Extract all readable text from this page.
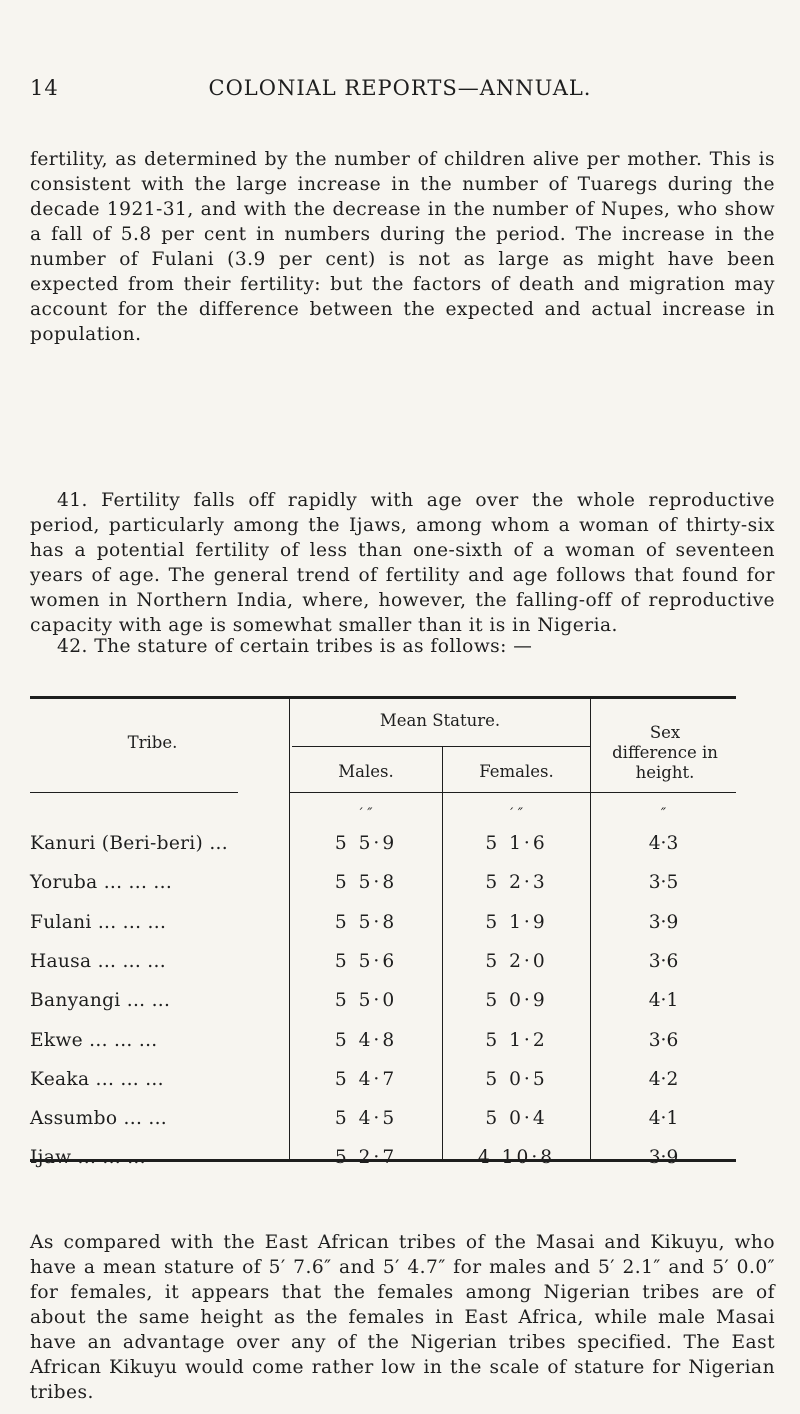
14	COLONIAL REPORTS—ANNUAL.

fertility, as determined by the number of children alive per mother. This is consistent with the large increase in the number of Tuaregs during the decade 1921-31, and with the decrease in the number of Nupes, who show a fall of 5.8 per cent in numbers during the period. The increase in the number of Fulani (3.9 per cent) is not as large as might have been expected from their fertility: but the factors of death and migration may account for the difference between the expected and actual increase in population.

41. Fertility falls off rapidly with age over the whole reproductive period, particularly among the Ijaws, among whom a woman of thirty-six has a potential fertility of less than one-sixth of a woman of seventeen years of age. The general trend of fertility and age follows that found for women in Northern India, where, however, the falling-off of reproductive capacity with age is somewhat smaller than it is in Nigeria.

42. The stature of certain tribes is as follows: —

Tribe.
Mean Stature.
Males.	Females.
Sex difference in height.
′ ″	′ ″	″
Kanuri (Beri-beri) ...	5 5·9	5 1·6	4·3
Yoruba ... ... ...	5 5·8	5 2·3	3·5
Fulani ... ... ...	5 5·8	5 1·9	3·9
Hausa ... ... ...	5 5·6	5 2·0	3·6
Banyangi ... ...	5 5·0	5 0·9	4·1
Ekwe ... ... ...	5 4·8	5 1·2	3·6
Keaka ... ... ...	5 4·7	5 0·5	4·2
Assumbo ... ...	5 4·5	5 0·4	4·1
Ijaw ... ... ...	5 2·7	4 10·8	3·9

As compared with the East African tribes of the Masai and Kikuyu, who have a mean stature of 5′ 7.6″ and 5′ 4.7″ for males and 5′ 2.1″ and 5′ 0.0″ for females, it appears that the females among Nigerian tribes are of about the same height as the females in East Africa, while male Masai have an advantage over any of the Nigerian tribes specified. The East African Kikuyu would come rather low in the scale of stature for Nigerian tribes.
